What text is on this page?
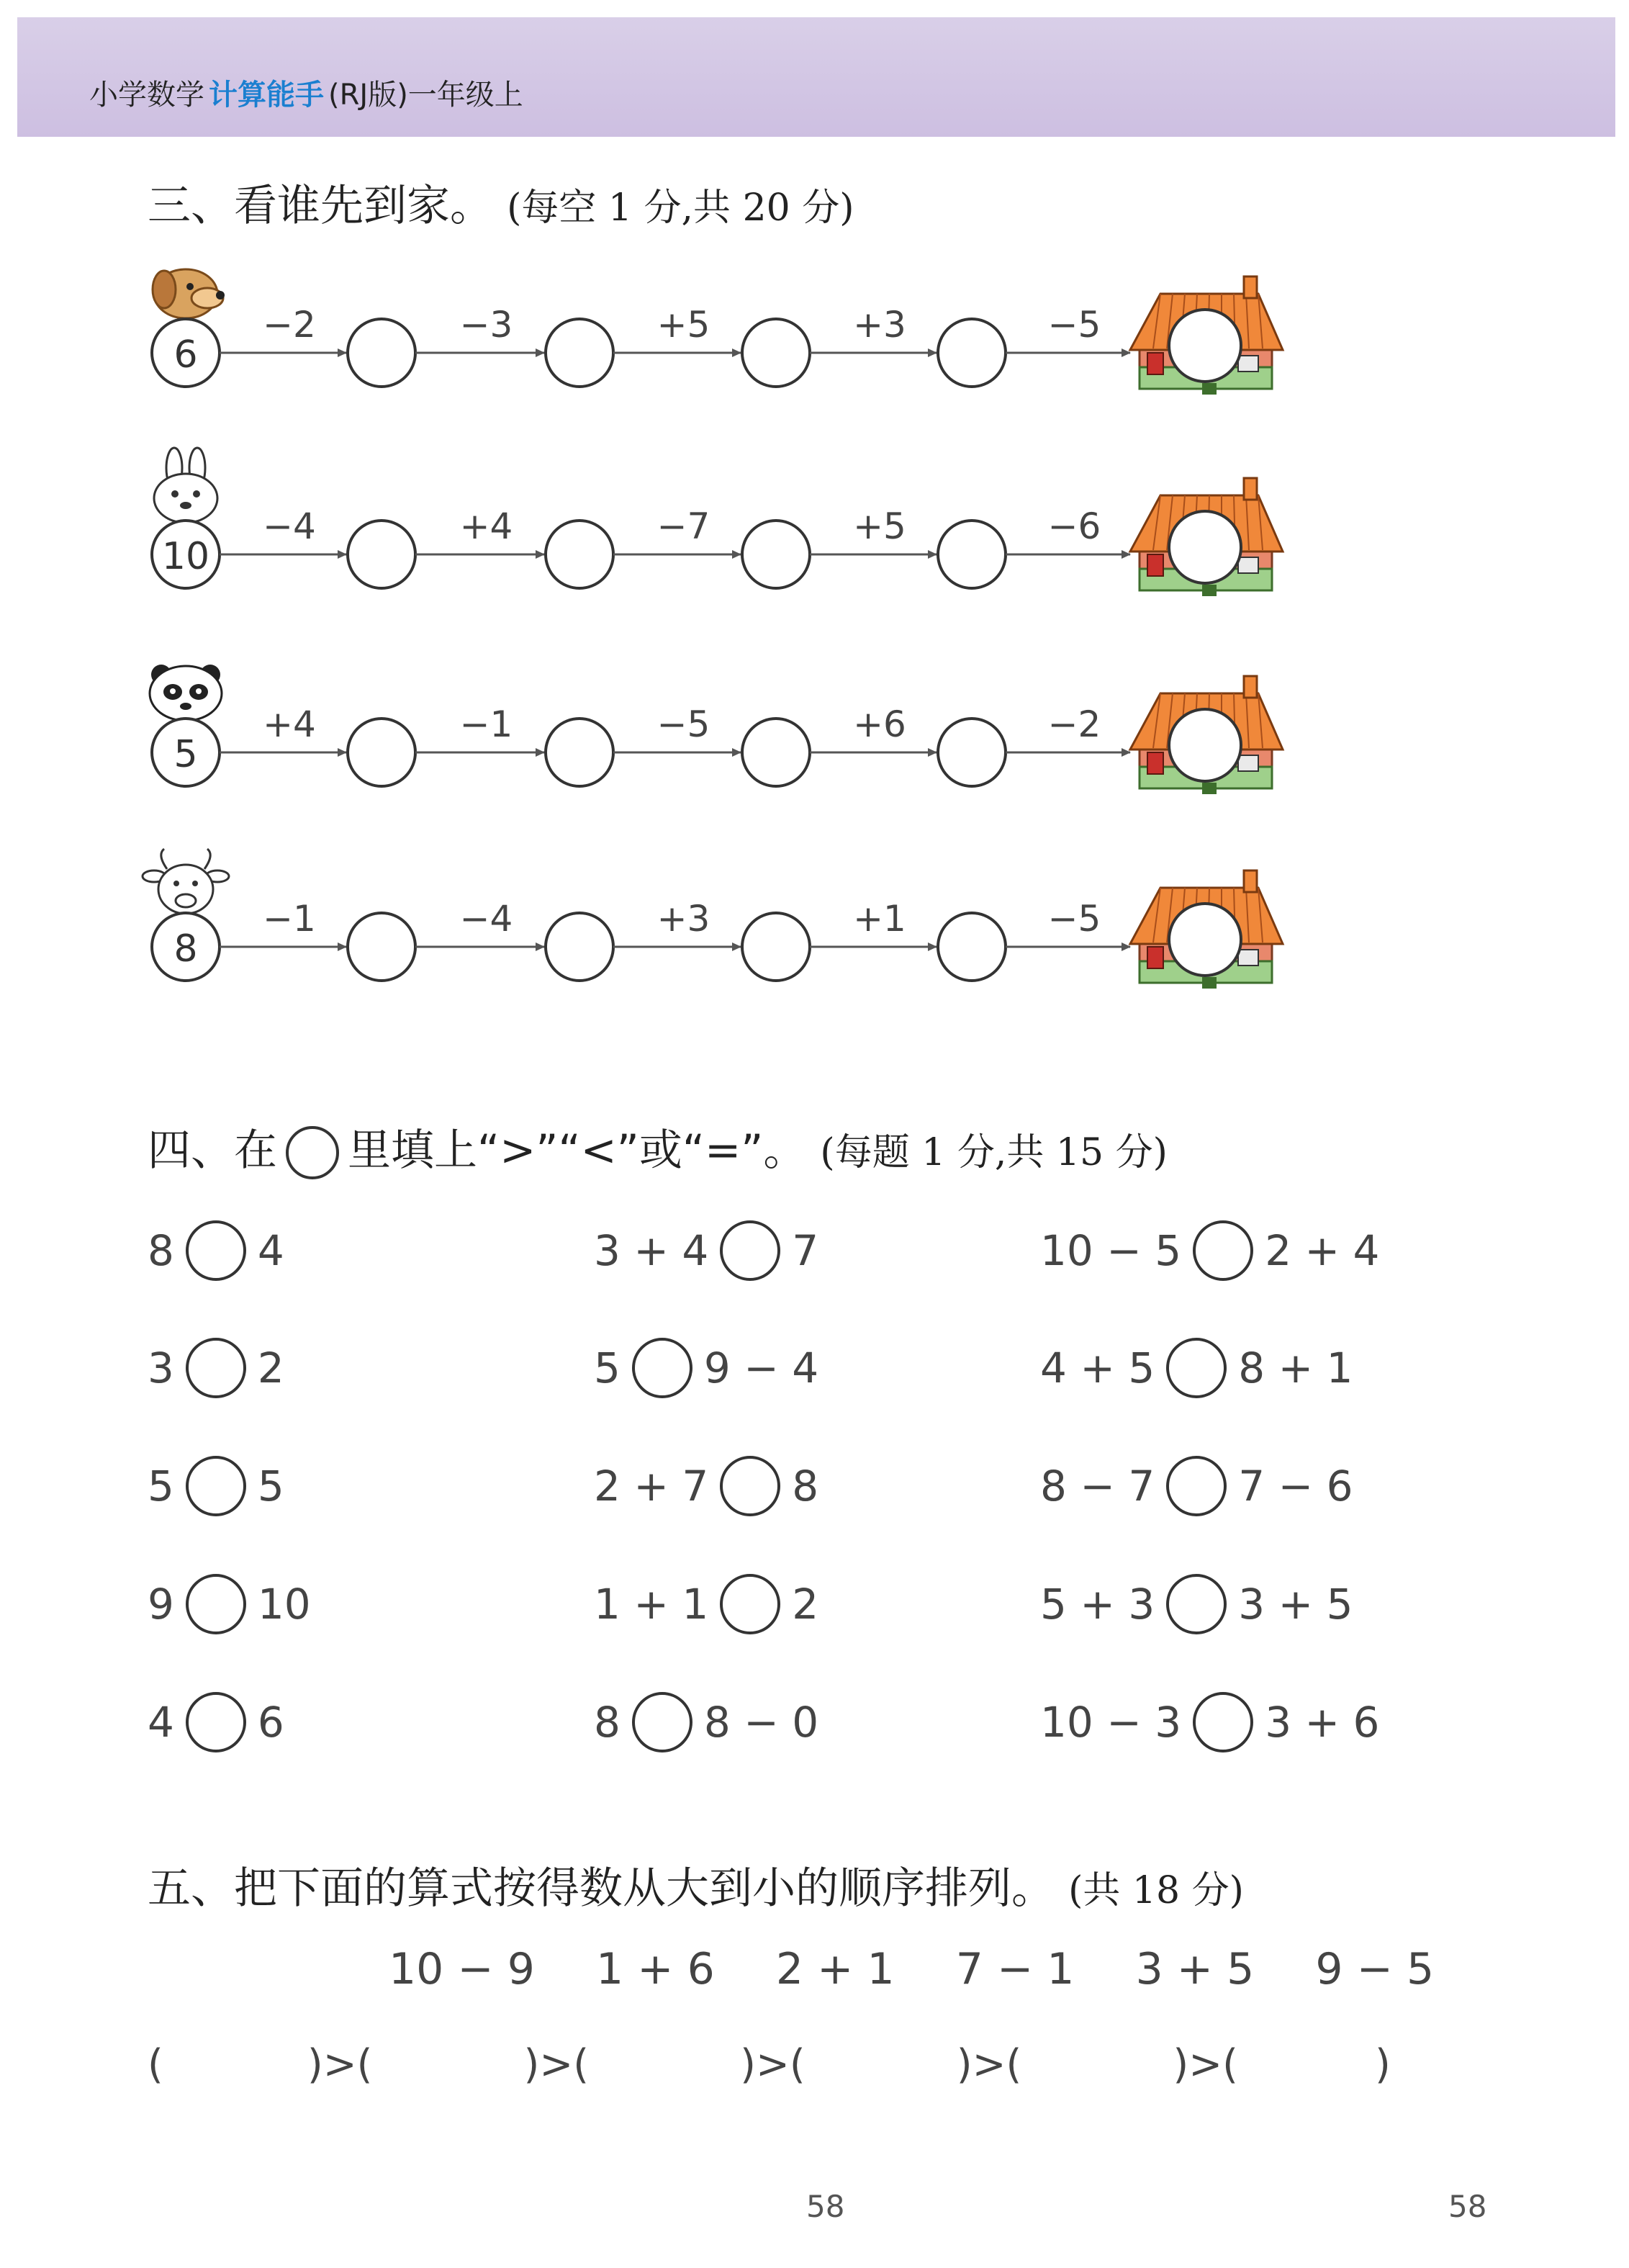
小学数学 计算能手 (RJ版)一年级上
三、看谁先到家。 (每空 1 分,共 20 分)
6
−2	−3	+5	+3	−5
10
−4	+4	−7	+5	−6
5
+4	−1	−5	+6	−2
8
−1	−4	+3	+1	−5
四、在 里填上“>”“<”或“=”。 (每题 1 分,共 15 分)
8 4	3 + 4 7	10 − 5 2 + 4
3 2	5 9 − 4	4 + 5 8 + 1
5 5	2 + 7 8	8 − 7 7 − 6
9 10	1 + 1 2	5 + 3 3 + 5
4 6	8 8 − 0	10 − 3 3 + 6
五、把下面的算式按得数从大到小的顺序排列。 (共 18 分)
10 − 9 1 + 6 2 + 1 7 − 1 3 + 5 9 − 5
(	)>(	)>(	)>(	)>(	)>(	)
58	58
